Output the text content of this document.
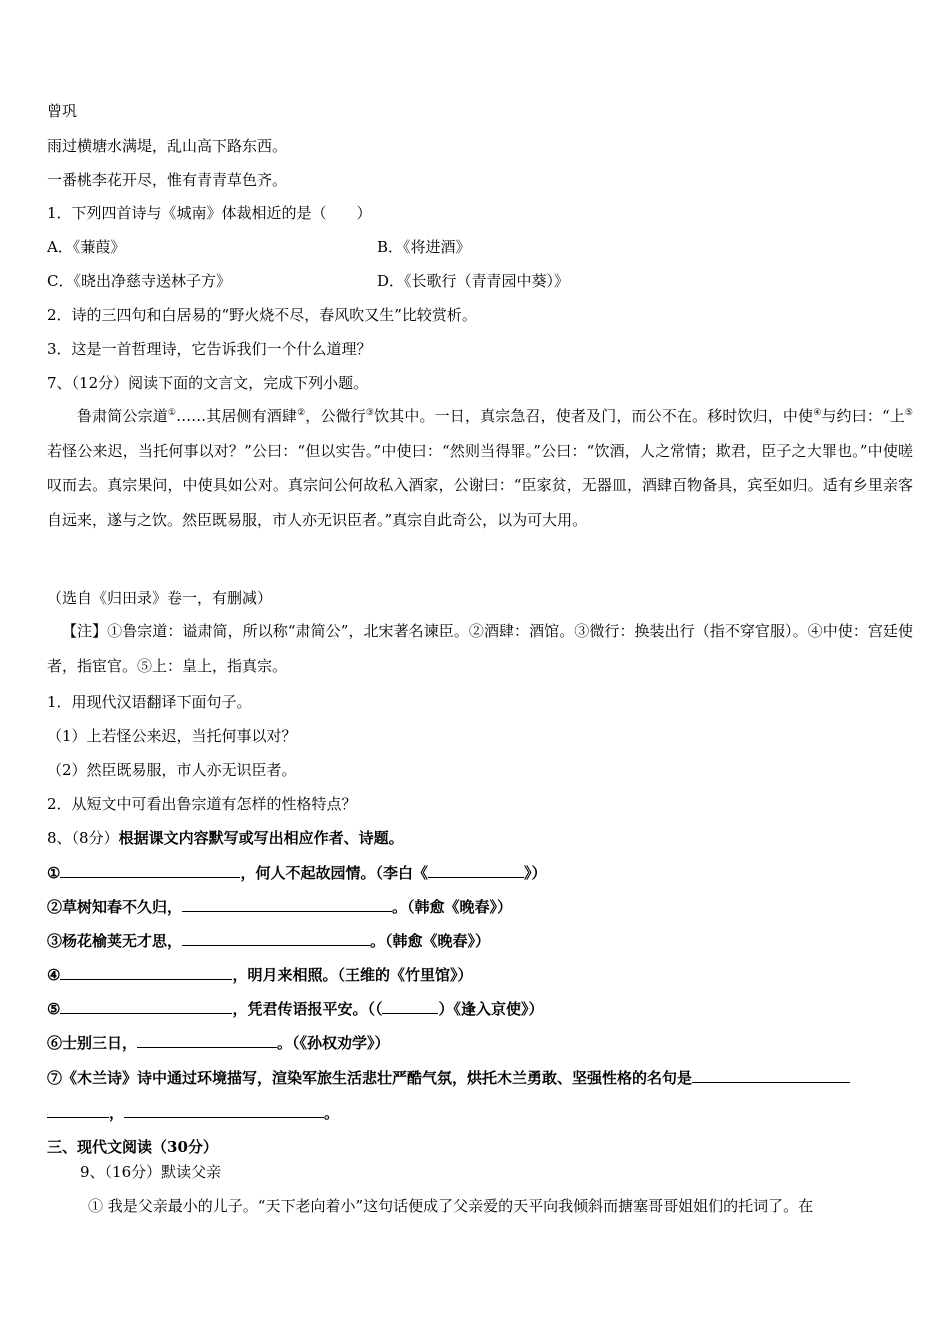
曾巩
雨过横塘水满堤，乱山高下路东西。
一番桃李花开尽，惟有青青草色齐。
1．下列四首诗与《城南》体裁相近的是（　　）
A．《蒹葭》	B．《将进酒》
C．《晓出净慈寺送林子方》	D．《长歌行（青青园中葵）》
2．诗的三四句和白居易的“野火烧不尽，春风吹又生”比较赏析。
3．这是一首哲理诗，它告诉我们一个什么道理？
7、（12分）阅读下面的文言文，完成下列小题。
鲁肃简公宗道①……其居侧有酒肆②，公微行③饮其中。一日，真宗急召，使者及门，而公不在。移时饮归，中使④与约曰：“上⑤若怪公来迟，当托何事以对？”公曰：“但以实告。”中使曰：“然则当得罪。”公曰：“饮酒，人之常情；欺君，臣子之大罪也。”中使嗟叹而去。真宗果问，中使具如公对。真宗问公何故私入酒家，公谢曰：“臣家贫，无器皿，酒肆百物备具，宾至如归。适有乡里亲客自远来，遂与之饮。然臣既易服，市人亦无识臣者。”真宗自此奇公，以为可大用。
（选自《归田录》卷一，有删减）
【注】①鲁宗道：谥肃简，所以称“肃简公”，北宋著名谏臣。②酒肆：酒馆。③微行：换装出行（指不穿官服）。④中使：宫廷使者，指宦官。⑤上：皇上，指真宗。
1．用现代汉语翻译下面句子。
（1）上若怪公来迟，当托何事以对？
（2）然臣既易服，市人亦无识臣者。
2．从短文中可看出鲁宗道有怎样的性格特点？
8、（8分）根据课文内容默写或写出相应作者、诗题。
①	，何人不起故园情。（李白《	》）
②草树知春不久归，	。（韩愈《晚春》）
③杨花榆荚无才思，	。（韩愈《晚春》）
④	，明月来相照。（王维的《竹里馆》）
⑤	，凭君传语报平安。（（	）《逢入京使》）
⑥士别三日，	。（《孙权劝学》）
⑦《木兰诗》诗中通过环境描写，渲染军旅生活悲壮严酷气氛，烘托木兰勇敢、坚强性格的名句是
，	。
三、现代文阅读（30分）
9、（16分）默读父亲
① 我是父亲最小的儿子。“天下老向着小”这句话便成了父亲爱的天平向我倾斜而搪塞哥哥姐姐们的托词了。在
